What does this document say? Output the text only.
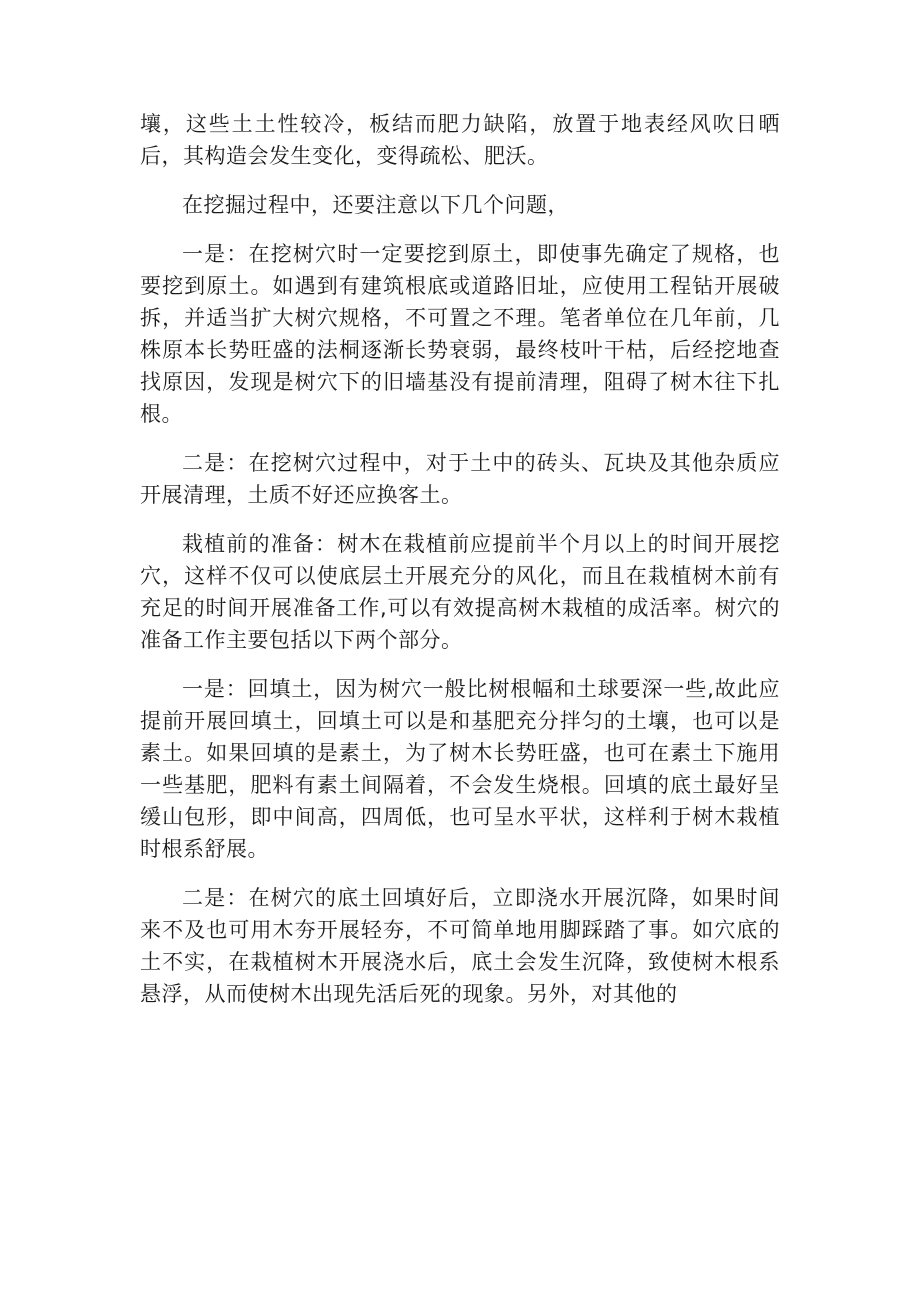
壤，这些土土性较冷，板结而肥力缺陷，放置于地表经风吹日晒后，其构造会发生变化，变得疏松、肥沃。

在挖掘过程中，还要注意以下几个问题，

一是：在挖树穴时一定要挖到原土，即使事先确定了规格，也要挖到原土。如遇到有建筑根底或道路旧址，应使用工程钻开展破拆，并适当扩大树穴规格，不可置之不理。笔者单位在几年前，几株原本长势旺盛的法桐逐渐长势衰弱，最终枝叶干枯，后经挖地查找原因，发现是树穴下的旧墙基没有提前清理，阻碍了树木往下扎根。

二是：在挖树穴过程中，对于土中的砖头、瓦块及其他杂质应开展清理，土质不好还应换客土。

栽植前的准备：树木在栽植前应提前半个月以上的时间开展挖穴，这样不仅可以使底层土开展充分的风化，而且在栽植树木前有充足的时间开展准备工作,可以有效提高树木栽植的成活率。树穴的准备工作主要包括以下两个部分。

一是：回填土，因为树穴一般比树根幅和土球要深一些,故此应提前开展回填土，回填土可以是和基肥充分拌匀的土壤，也可以是素土。如果回填的是素土，为了树木长势旺盛，也可在素土下施用一些基肥，肥料有素土间隔着，不会发生烧根。回填的底土最好呈缓山包形，即中间高，四周低，也可呈水平状，这样利于树木栽植时根系舒展。

二是：在树穴的底土回填好后，立即浇水开展沉降，如果时间来不及也可用木夯开展轻夯，不可简单地用脚踩踏了事。如穴底的土不实，在栽植树木开展浇水后，底土会发生沉降，致使树木根系悬浮，从而使树木出现先活后死的现象。另外，对其他的
